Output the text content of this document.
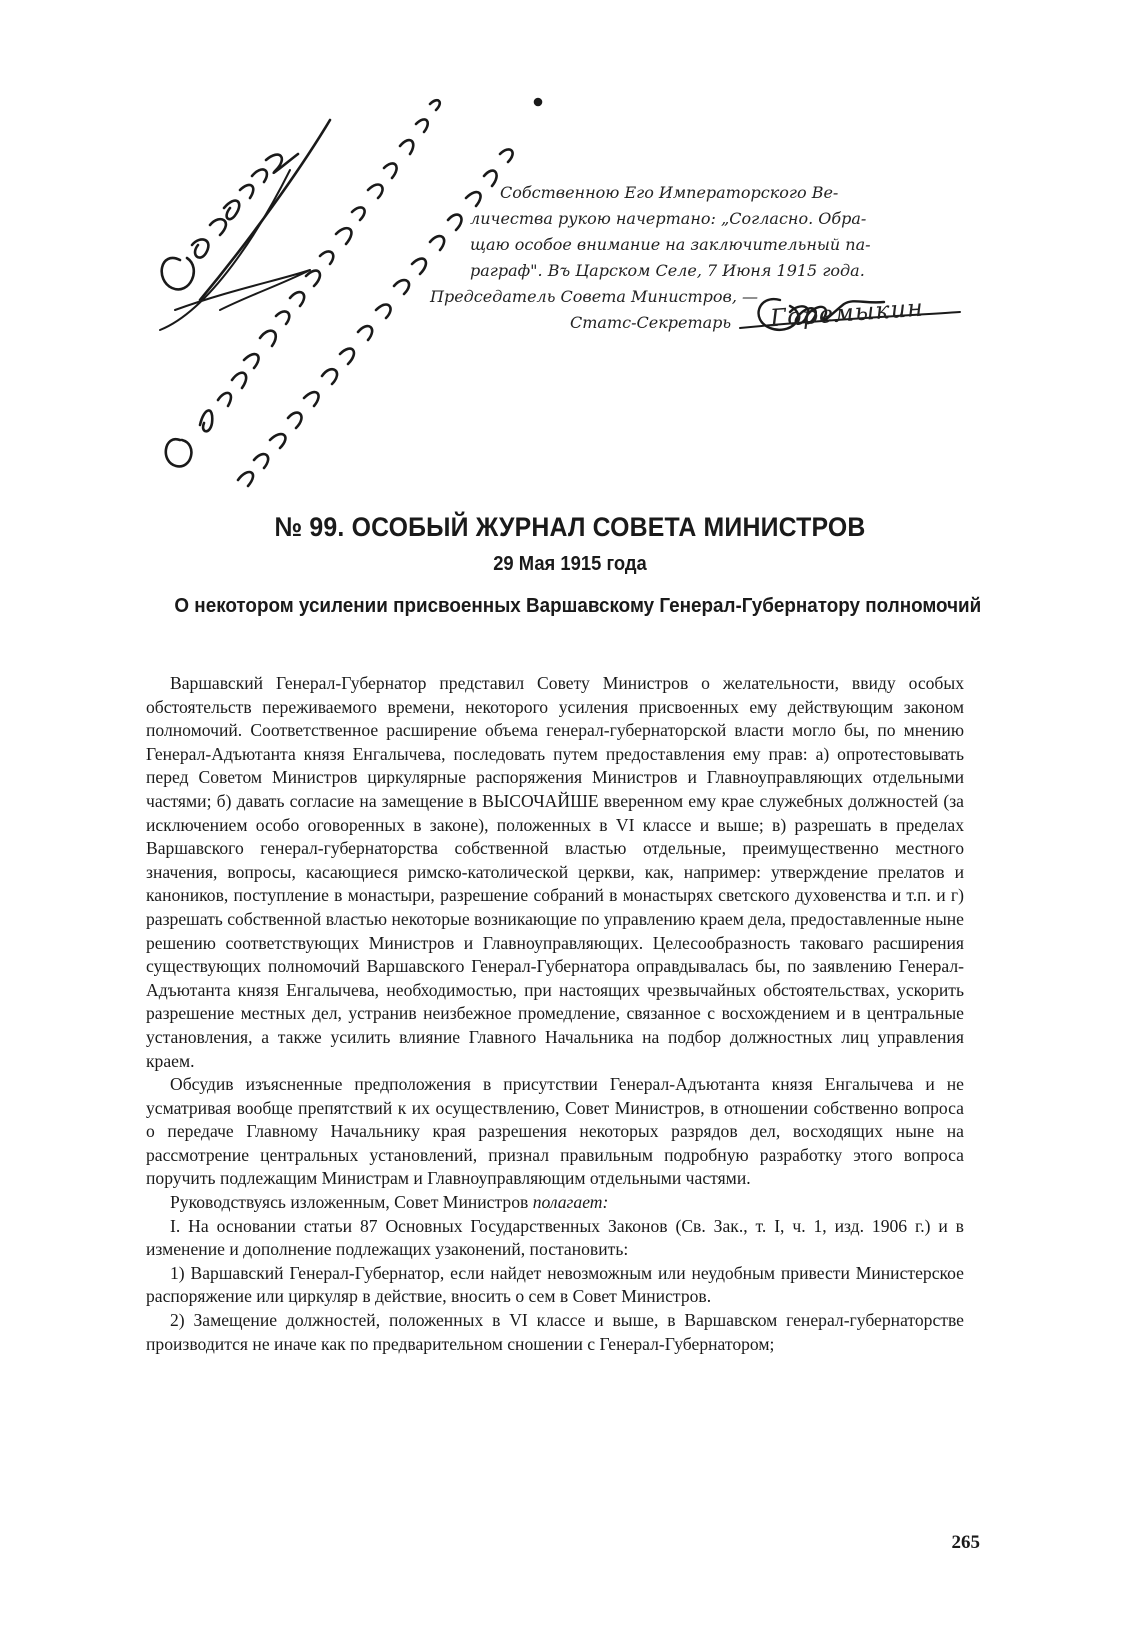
Собственною Его Императорского Ве-
личества рукою начертано: „Согласно. Обра-
щаю особое внимание на заключительный па-
раграф". Въ Царском Селе, 7 Июня 1915 года.
Председатель Совета Министров, —
Статс-Секретарь	Горемыкин
№ 99. ОСОБЫЙ ЖУРНАЛ СОВЕТА МИНИСТРОВ
29 Мая 1915 года
О некотором усилении присвоенных Варшавскому Генерал-Губернатору полномочий

Варшавский Генерал-Губернатор представил Совету Министров о желательности, ввиду особых обстоятельств переживаемого времени, некоторого усиления присвоенных ему действующим законом полномочий. Соответственное расширение объема генерал-губернаторской власти могло бы, по мнению Генерал-Адъютанта князя Енгалычева, последовать путем предоставления ему прав: а) опротестовывать перед Советом Министров циркулярные распоряжения Министров и Главноуправляющих отдельными частями; б) давать согласие на замещение в ВЫСОЧАЙШЕ вверенном ему крае служебных должностей (за исключением особо оговоренных в законе), положенных в VI классе и выше; в) разрешать в пределах Варшавского генерал-губернаторства собственной властью отдельные, преимущественно местного значения, вопросы, касающиеся римско-католической церкви, как, например: утверждение прелатов и каноников, поступление в монастыри, разрешение собраний в монастырях светского духовенства и т.п. и г) разрешать собственной властью некоторые возникающие по управлению краем дела, предоставленные ныне решению соответствующих Министров и Главноуправляющих. Целесообразность таковаго расширения существующих полномочий Варшавского Генерал-Губернатора оправдывалась бы, по заявлению Генерал-Адъютанта князя Енгалычева, необходимостью, при настоящих чрезвычайных обстоятельствах, ускорить разрешение местных дел, устранив неизбежное промедление, связанное с восхождением и в центральные установления, а также усилить влияние Главного Начальника на подбор должностных лиц управления краем.

Обсудив изъясненные предположения в присутствии Генерал-Адъютанта князя Енгалычева и не усматривая вообще препятствий к их осуществлению, Совет Министров, в отношении собственно вопроса о передаче Главному Начальнику края разрешения некоторых разрядов дел, восходящих ныне на рассмотрение центральных установлений, признал правильным подробную разработку этого вопроса поручить подлежащим Министрам и Главноуправляющим отдельными частями.

Руководствуясь изложенным, Совет Министров полагает:

I. На основании статьи 87 Основных Государственных Законов (Св. Зак., т. I, ч. 1, изд. 1906 г.) и в изменение и дополнение подлежащих узаконений, постановить:

1) Варшавский Генерал-Губернатор, если найдет невозможным или неудобным привести Министерское распоряжение или циркуляр в действие, вносить о сем в Совет Министров.

2) Замещение должностей, положенных в VI классе и выше, в Варшавском генерал-губернаторстве производится не иначе как по предварительном сношении с Генерал-Губернатором;

265
